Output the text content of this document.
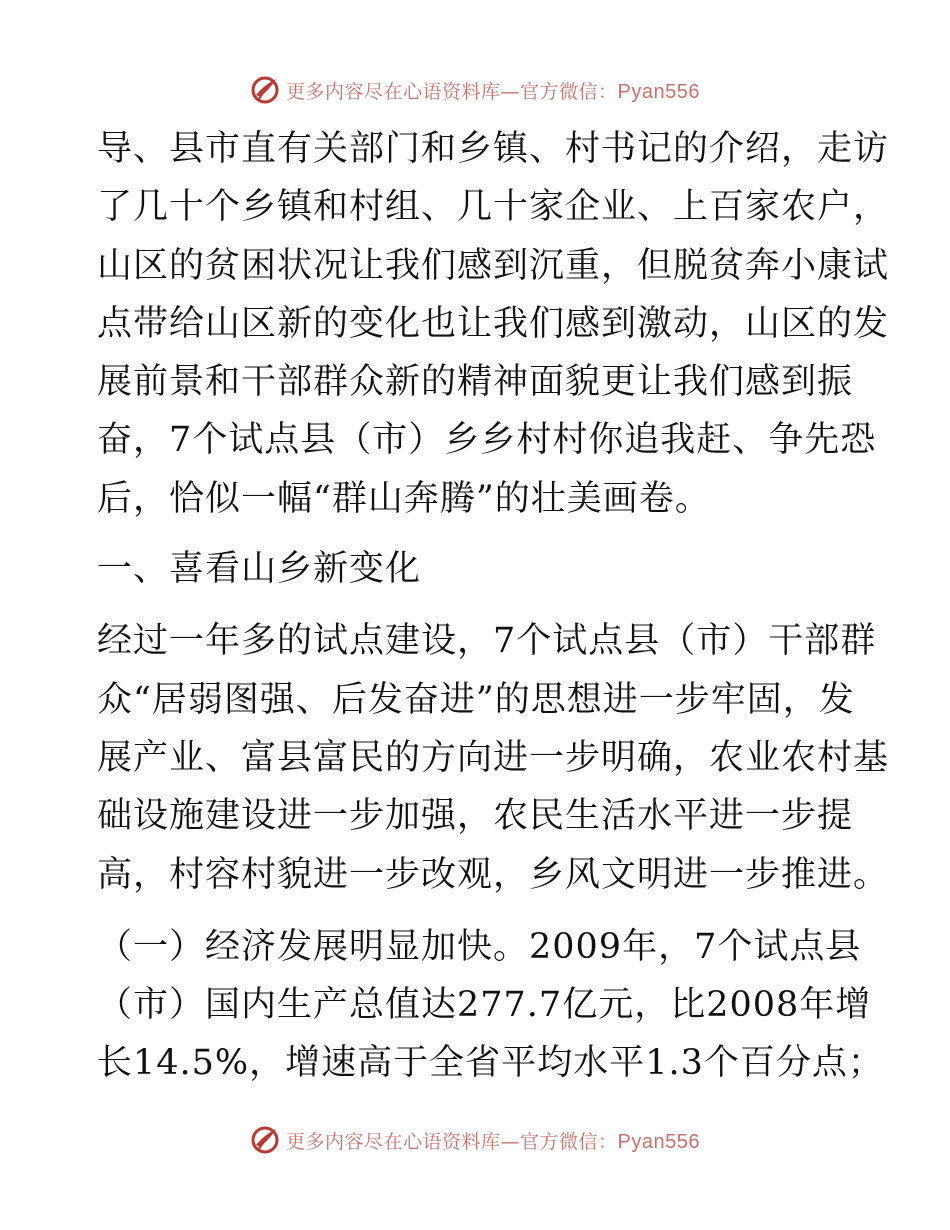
更多内容尽在心语资料库—官方微信：Pyan556
导、县市直有关部门和乡镇、村书记的介绍，走访
了几十个乡镇和村组、几十家企业、上百家农户，
山区的贫困状况让我们感到沉重，但脱贫奔小康试
点带给山区新的变化也让我们感到激动，山区的发
展前景和干部群众新的精神面貌更让我们感到振
奋，7个试点县（市）乡乡村村你追我赶、争先恐
后，恰似一幅“群山奔腾”的壮美画卷。
一、喜看山乡新变化
经过一年多的试点建设，7个试点县（市）干部群
众“居弱图强、后发奋进”的思想进一步牢固，发
展产业、富县富民的方向进一步明确，农业农村基
础设施建设进一步加强，农民生活水平进一步提
高，村容村貌进一步改观，乡风文明进一步推进。
（一）经济发展明显加快。2009年，7个试点县
（市）国内生产总值达277.7亿元，比2008年增
长14.5%，增速高于全省平均水平1.3个百分点；
更多内容尽在心语资料库—官方微信：Pyan556
